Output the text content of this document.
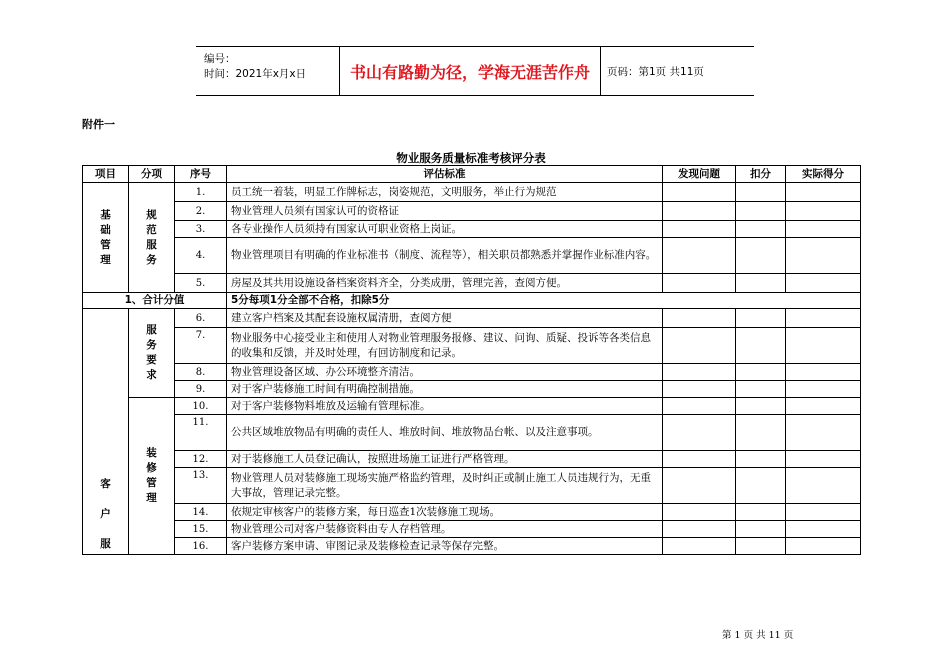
编号：
时间：2021年x月x日	书山有路勤为径，学海无涯苦作舟	页码：第1页 共11页
附件一
物业服务质量标准考核评分表
项目	分项	序号	评估标准	发现问题	扣分	实际得分
基
础
管
理	规
范
服
务	1.	员工统一着装，明显工作牌标志，岗姿规范，文明服务，举止行为规范			
		2.	物业管理人员须有国家认可的资格证			
		3.	各专业操作人员须持有国家认可职业资格上岗证。			
		4.	物业管理项目有明确的作业标准书（制度、流程等），相关职员都熟悉并掌握作业标准内容。			
		5.	房屋及其共用设施设备档案资料齐全，分类成册，管理完善，查阅方便。			
1、合计分值			5分每项1分全部不合格，扣除5分			
客

户

服	服
务
要
求	6.	建立客户档案及其配套设施权属清册，查阅方便			
		7.	物业服务中心接受业主和使用人对物业管理服务报修、建议、问询、质疑、投诉等各类信息的收集和反馈，并及时处理，有回访制度和记录。			
		8.	物业管理设备区域、办公环境整齐清洁。			
		9.	对于客户装修施工时间有明确控制措施。			
	装
修
管
理	10.	对于客户装修物料堆放及运输有管理标准。			
		11.	公共区域堆放物品有明确的责任人、堆放时间、堆放物品台帐、以及注意事项。			
		12.	对于装修施工人员登记确认，按照进场施工证进行严格管理。			
		13.	物业管理人员对装修施工现场实施严格监约管理，及时纠正或制止施工人员违规行为，无重大事故，管理记录完整。			
		14.	依规定审核客户的装修方案，每日巡查1次装修施工现场。			
		15.	物业管理公司对客户装修资料由专人存档管理。			
		16.	客户装修方案申请、审图记录及装修检查记录等保存完整。			
第 1 页 共 11 页
